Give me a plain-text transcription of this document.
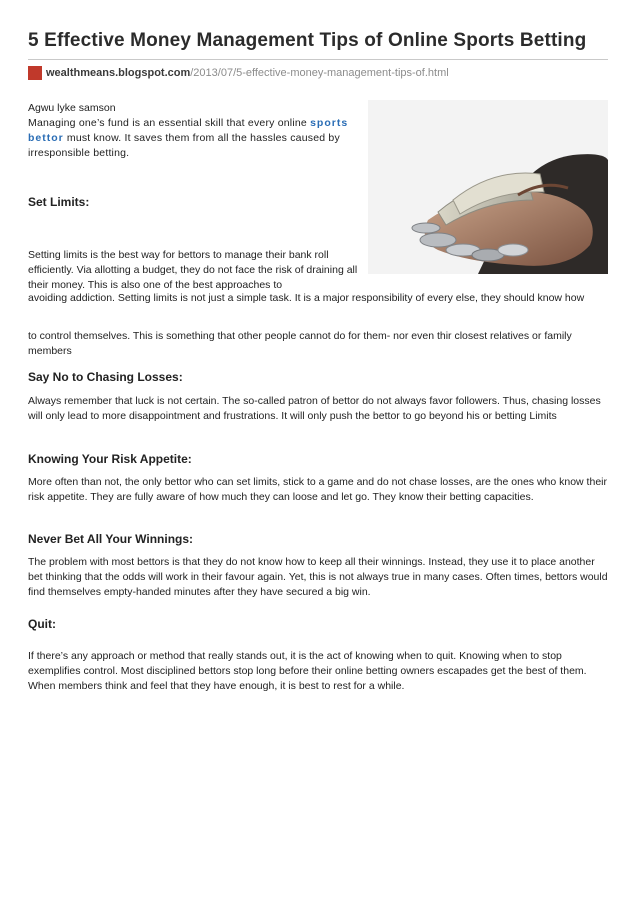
5 Effective Money Management Tips of Online Sports Betting
wealthmeans.blogspot.com /2013/07/5-effective-money-management-tips-of.html

Agwu lyke samson

Managing one’s fund is an essential skill that every online sports
bettor must know. It saves them from all the hassles caused by irresponsible betting.

Set Limits:

Setting limits is the best way for bettors to manage their bank roll efficiently. Via allotting a budget, they do not face the risk of draining all their money. This is also one of the best approaches to

avoiding addiction. Setting limits is not just a simple task. It is a major responsibility of every else, they should know how

to control themselves. This is something that other people cannot do for them- nor even thir closest relatives or family members

Say No to Chasing Losses:

Always remember that luck is not certain. The so-called patron of bettor do not always favor followers. Thus, chasing losses will only lead to more disappointment and frustrations. It will only push the bettor to go beyond his or betting Limits

Knowing Your Risk Appetite:

More often than not, the only bettor who can set limits, stick to a game and do not chase losses, are the ones who know their risk appetite. They are fully aware of how much they can loose and let go. They know their betting capacities.

Never Bet All Your Winnings:

The problem with most bettors is that they do not know how to keep all their winnings. Instead, they use it to place another bet thinking that the odds will work in their favour again. Yet, this is not always true in many cases. Often times, bettors would find themselves empty-handed minutes after they have secured a big win.

Quit:

If there’s any approach or method that really stands out, it is the act of knowing when to quit. Knowing when to stop exemplifies control. Most disciplined bettors stop long before their online betting owners escapades get the best of them. When members think and feel that they have enough, it is best to rest for a while.
